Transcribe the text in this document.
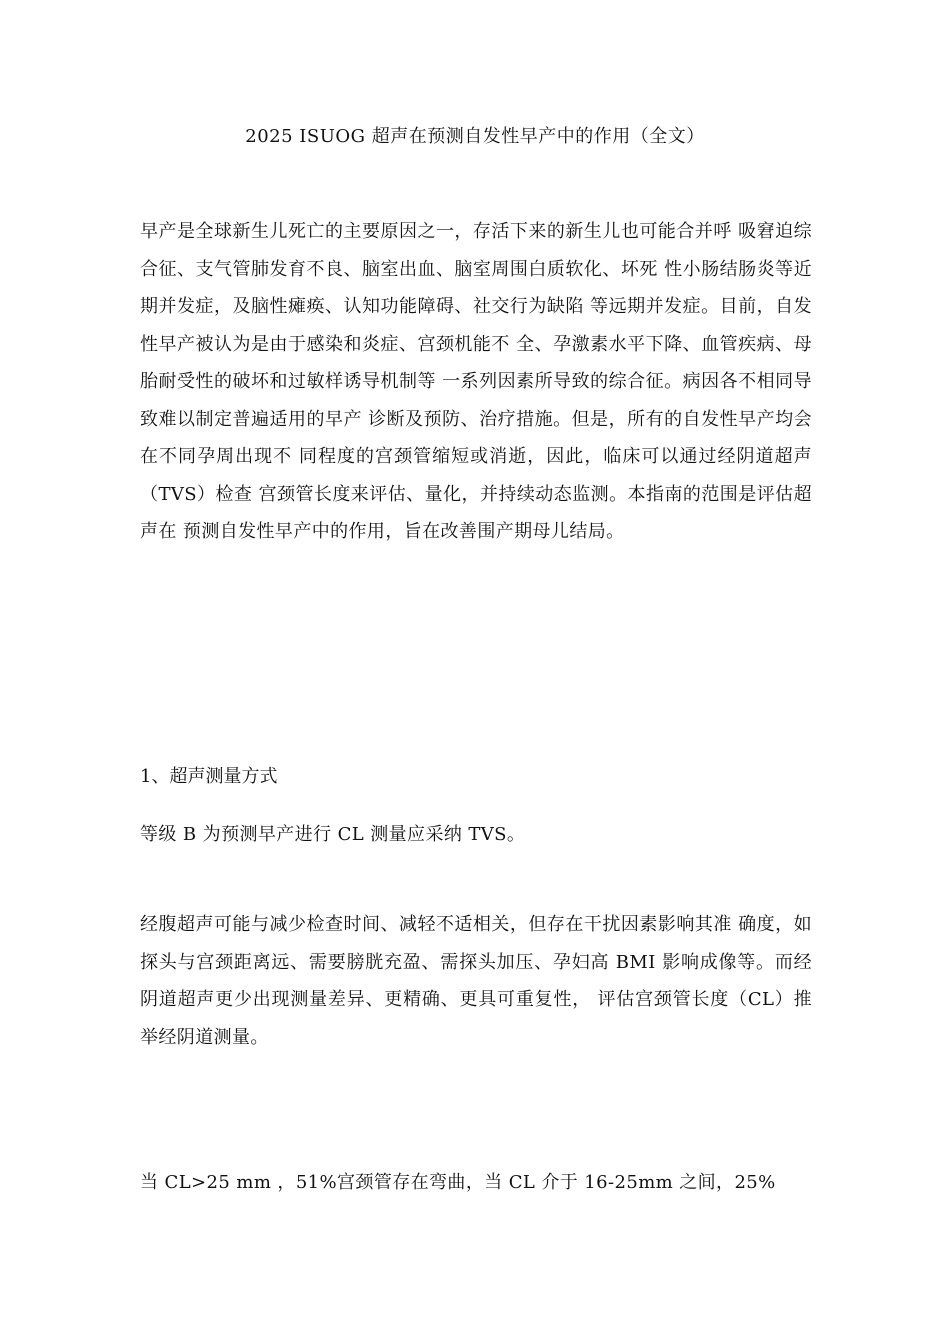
2025 ISUOG 超声在预测自发性早产中的作用（全文）
早产是全球新生儿死亡的主要原因之一，存活下来的新生儿也可能合并呼 吸窘迫综合征、支气管肺发育不良、脑室出血、脑室周围白质软化、坏死 性小肠结肠炎等近期并发症，及脑性瘫痪、认知功能障碍、社交行为缺陷 等远期并发症。目前，自发性早产被认为是由于感染和炎症、宫颈机能不 全、孕激素水平下降、血管疾病、母胎耐受性的破坏和过敏样诱导机制等 一系列因素所导致的综合征。病因各不相同导致难以制定普遍适用的早产 诊断及预防、治疗措施。但是，所有的自发性早产均会在不同孕周出现不 同程度的宫颈管缩短或消逝，因此，临床可以通过经阴道超声（TVS）检查 宫颈管长度来评估、量化，并持续动态监测。本指南的范围是评估超声在 预测自发性早产中的作用，旨在改善围产期母儿结局。
1、超声测量方式
等级 B 为预测早产进行 CL 测量应采纳 TVS。
经腹超声可能与减少检查时间、减轻不适相关，但存在干扰因素影响其准 确度，如探头与宫颈距离远、需要膀胱充盈、需探头加压、孕妇高 BMI 影响成像等。而经阴道超声更少出现测量差异、更精确、更具可重复性， 评估宫颈管长度（CL）推举经阴道测量。
当 CL>25 mm ，51%宫颈管存在弯曲，当 CL 介于 16-25mm 之间，25%
